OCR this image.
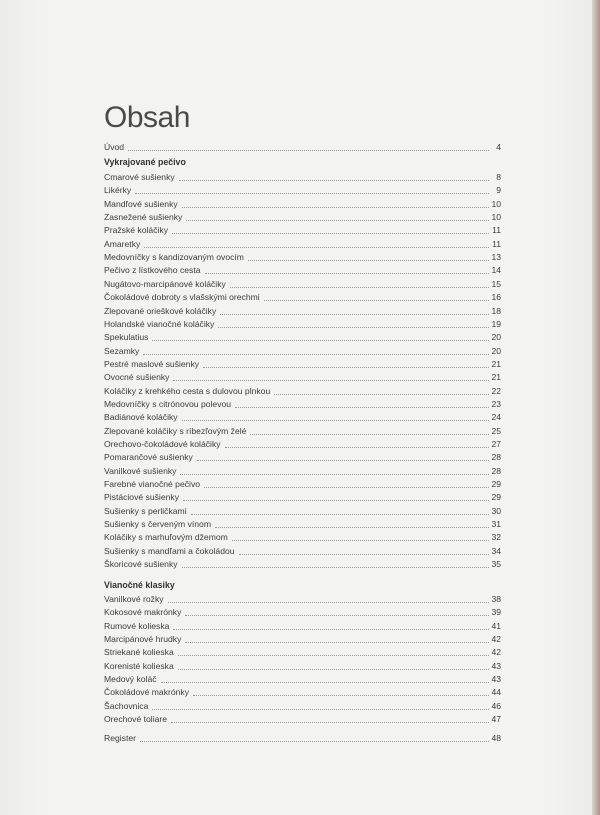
Obsah
Úvod	4
Vykrajované pečivo
Cmarové sušienky	8
Likérky	9
Mandľové sušienky	10
Zasnežené sušienky	10
Pražské koláčiky	11
Amaretky	11
Medovníčky s kandizovaným ovocím	13
Pečivo z lístkového cesta	14
Nugátovo-marcipánové koláčiky	15
Čokoládové dobroty s vlašskými orechmi	16
Zlepované orieškové koláčiky	18
Holandské vianočné koláčiky	19
Spekulatius	20
Sezamky	20
Pestré maslové sušienky	21
Ovocné sušienky	21
Koláčiky z krehkého cesta s dulovou plnkou	22
Medovníčky s citrónovou polevou	23
Badiánové koláčiky	24
Zlepované koláčiky s ríbezľovým želé	25
Orechovo-čokoládové koláčiky	27
Pomarančové sušienky	28
Vanilkové sušienky	28
Farebné vianočné pečivo	29
Pistáciové sušienky	29
Sušienky s perličkami	30
Sušienky s červeným vínom	31
Koláčiky s marhuľovým džemom	32
Sušienky s mandľami a čokoládou	34
Škoricové sušienky	35
Vianočné klasiky
Vanilkové rožky	38
Kokosové makrónky	39
Rumové kolieska	41
Marcipánové hrudky	42
Striekané kolieska	42
Korenisté kolieska	43
Medový koláč	43
Čokoládové makrónky	44
Šachovnica	46
Orechové toliare	47
Register	48
